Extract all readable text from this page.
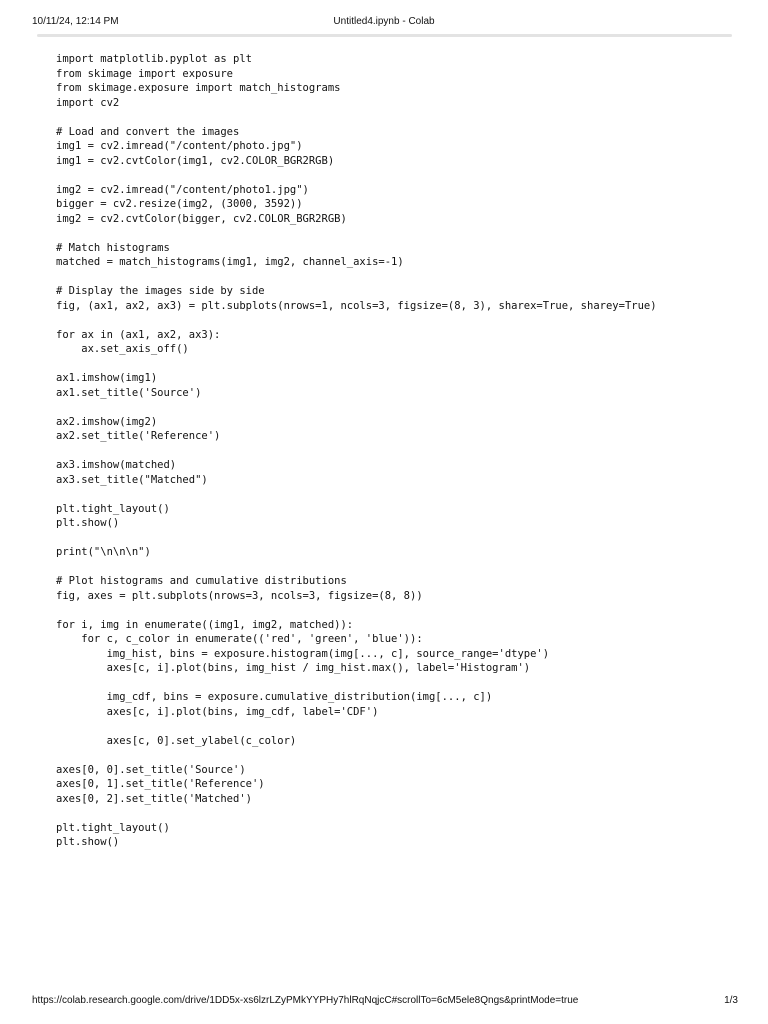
10/11/24, 12:14 PM	Untitled4.ipynb - Colab
import matplotlib.pyplot as plt
from skimage import exposure
from skimage.exposure import match_histograms
import cv2
# Load and convert the images
img1 = cv2.imread("/content/photo.jpg")
img1 = cv2.cvtColor(img1, cv2.COLOR_BGR2RGB)
img2 = cv2.imread("/content/photo1.jpg")
bigger = cv2.resize(img2, (3000, 3592))
img2 = cv2.cvtColor(bigger, cv2.COLOR_BGR2RGB)
# Match histograms
matched = match_histograms(img1, img2, channel_axis=-1)
# Display the images side by side
fig, (ax1, ax2, ax3) = plt.subplots(nrows=1, ncols=3, figsize=(8, 3), sharex=True, sharey=True)
for ax in (ax1, ax2, ax3):
ax.set_axis_off()
ax1.imshow(img1)
ax1.set_title('Source')
ax2.imshow(img2)
ax2.set_title('Reference')
ax3.imshow(matched)
ax3.set_title("Matched")
plt.tight_layout()
plt.show()
print("\n\n\n")
# Plot histograms and cumulative distributions
fig, axes = plt.subplots(nrows=3, ncols=3, figsize=(8, 8))
for i, img in enumerate((img1, img2, matched)):
for c, c_color in enumerate(('red', 'green', 'blue')):
img_hist, bins = exposure.histogram(img[..., c], source_range='dtype')
axes[c, i].plot(bins, img_hist / img_hist.max(), label='Histogram')
img_cdf, bins = exposure.cumulative_distribution(img[..., c])
axes[c, i].plot(bins, img_cdf, label='CDF')
axes[c, 0].set_ylabel(c_color)
axes[0, 0].set_title('Source')
axes[0, 1].set_title('Reference')
axes[0, 2].set_title('Matched')
plt.tight_layout()
plt.show()
https://colab.research.google.com/drive/1DD5x-xs6lzrLZyPMkYYPHy7hlRqNqjcC#scrollTo=6cM5ele8Qngs&printMode=true	1/3
